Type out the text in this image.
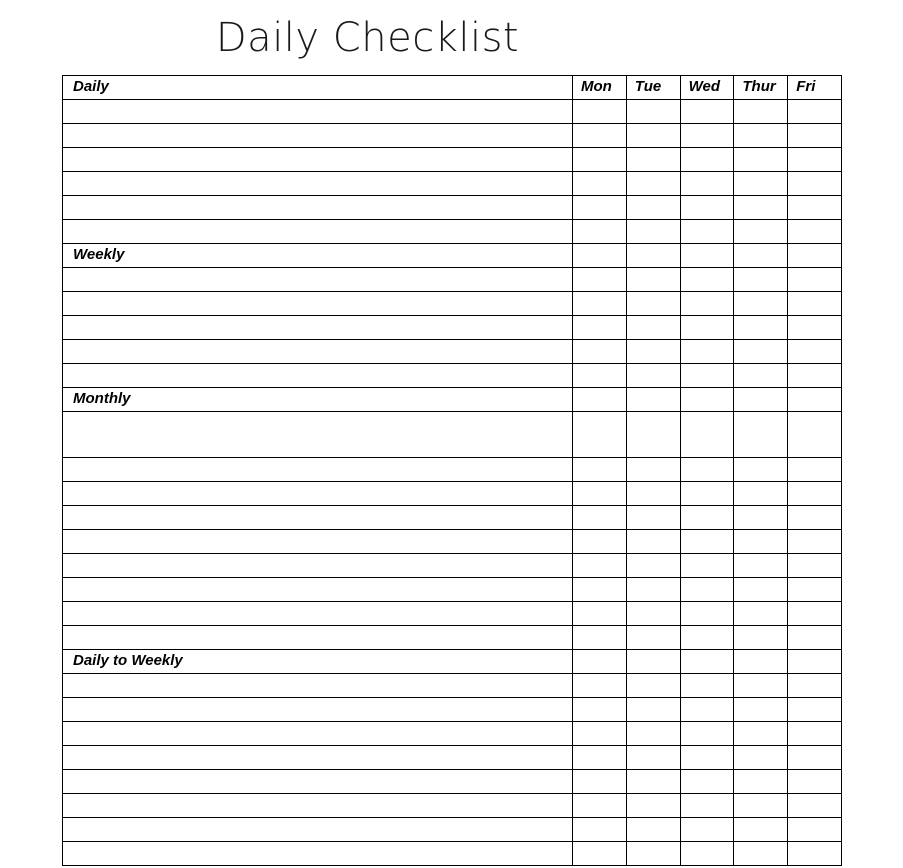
Daily Checklist
Daily	Mon	Tue	Wed	Thur	Fri

Weekly					

Monthly					

Daily to Weekly					
